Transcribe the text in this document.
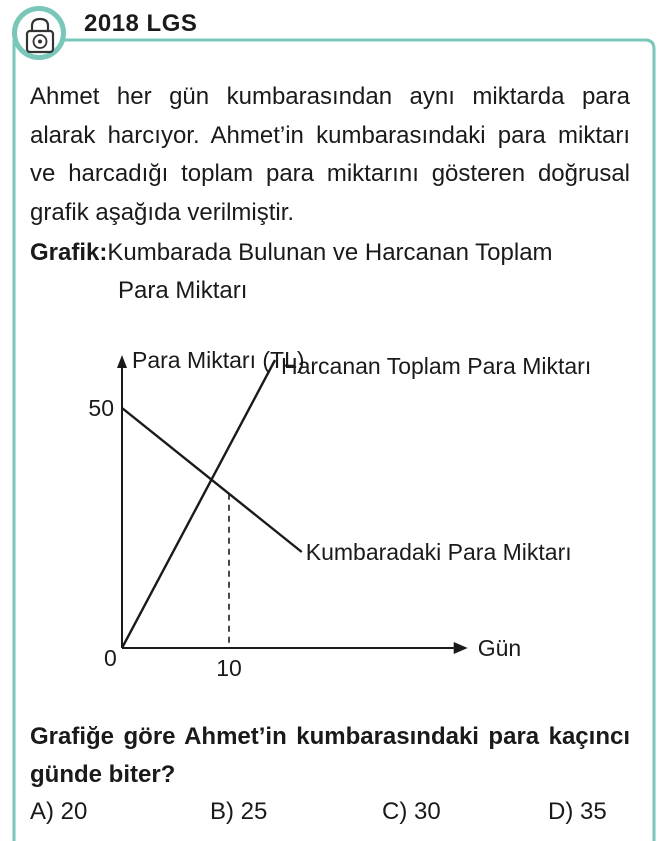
2018 LGS

Ahmet her gün kumbarasından aynı miktarda para alarak harcıyor. Ahmet’in kumbarasındaki para miktarı ve harcadığı toplam para miktarını gösteren doğrusal grafik aşağıda verilmiştir.

Grafik:Kumbarada Bulunan ve Harcanan Toplam
Para Miktarı
Para Miktarı (TL)
Gün
0
50
10
Kumbaradaki Para Miktarı
Harcanan Toplam Para Miktarı

Grafiğe göre Ahmet’in kumbarasındaki para kaçıncı günde biter?

A) 20	B) 25	C) 30	D) 35
